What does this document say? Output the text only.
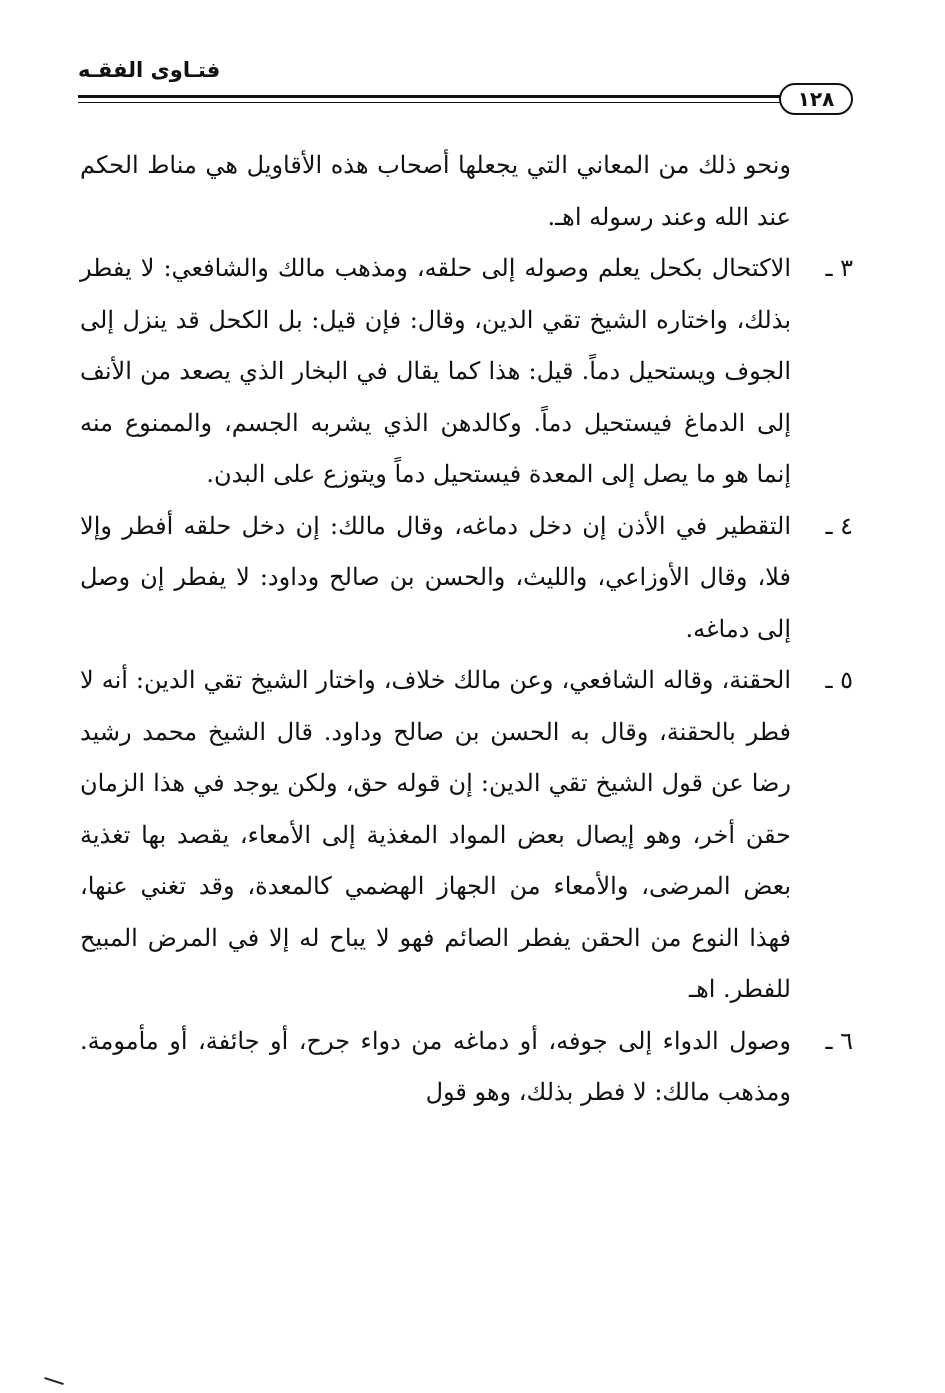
فتـاوى الفقـه
١٢٨

ونحو ذلك من المعاني التي يجعلها أصحاب هذه الأقاويل هي مناط الحكم عند الله وعند رسوله اهـ.

٣ ـ
الاكتحال بكحل يعلم وصوله إلى حلقه، ومذهب مالك والشافعي: لا يفطر بذلك، واختاره الشيخ تقي الدين، وقال: فإن قيل: بل الكحل قد ينزل إلى الجوف ويستحيل دماً. قيل: هذا كما يقال في البخار الذي يصعد من الأنف إلى الدماغ فيستحيل دماً. وكالدهن الذي يشربه الجسم، والممنوع منه إنما هو ما يصل إلى المعدة فيستحيل دماً ويتوزع على البدن.
٤ ـ
التقطير في الأذن إن دخل دماغه، وقال مالك: إن دخل حلقه أفطر وإلا فلا، وقال الأوزاعي، والليث، والحسن بن صالح وداود: لا يفطر إن وصل إلى دماغه.
٥ ـ
الحقنة، وقاله الشافعي، وعن مالك خلاف، واختار الشيخ تقي الدين: أنه لا فطر بالحقنة، وقال به الحسن بن صالح وداود. قال الشيخ محمد رشيد رضا عن قول الشيخ تقي الدين: إن قوله حق، ولكن يوجد في هذا الزمان حقن أخر، وهو إيصال بعض المواد المغذية إلى الأمعاء، يقصد بها تغذية بعض المرضى، والأمعاء من الجهاز الهضمي كالمعدة، وقد تغني عنها، فهذا النوع من الحقن يفطر الصائم فهو لا يباح له إلا في المرض المبيح للفطر. اهـ
٦ ـ
وصول الدواء إلى جوفه، أو دماغه من دواء جرح، أو جائفة، أو مأمومة. ومذهب مالك: لا فطر بذلك، وهو قول
